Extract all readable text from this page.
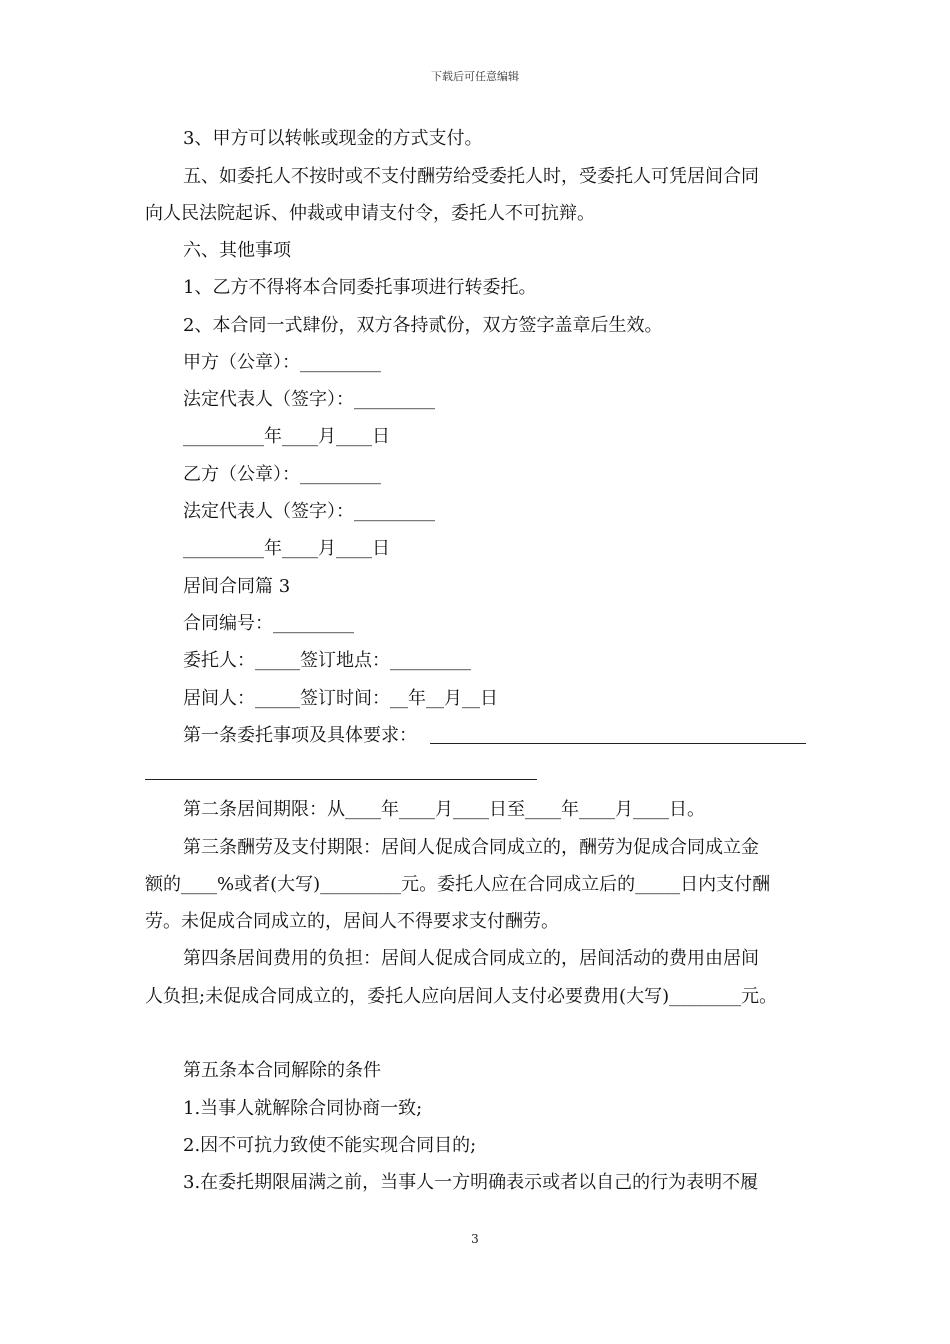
下载后可任意编辑
3、甲方可以转帐或现金的方式支付。
五、如委托人不按时或不支付酬劳给受委托人时，受委托人可凭居间合同
向人民法院起诉、仲裁或申请支付令，委托人不可抗辩。
六、其他事项
1、乙方不得将本合同委托事项进行转委托。
2、本合同一式肆份，双方各持贰份，双方签字盖章后生效。
甲方（公章）：_________
法定代表人（签字）：_________
_________年____月____日
乙方（公章）：_________
法定代表人（签字）：_________
_________年____月____日
居间合同篇 3
合同编号：_________
委托人：_____签订地点：_________
居间人：_____签订时间：__年__月__日
第一条委托事项及具体要求：
第二条居间期限：从____年____月____日至____年____月____日。
第三条酬劳及支付期限：居间人促成合同成立的，酬劳为促成合同成立金
额的____%或者(大写)_________元。委托人应在合同成立后的_____日内支付酬
劳。未促成合同成立的，居间人不得要求支付酬劳。
第四条居间费用的负担：居间人促成合同成立的，居间活动的费用由居间
人负担;未促成合同成立的，委托人应向居间人支付必要费用(大写)________元。
第五条本合同解除的条件
1.当事人就解除合同协商一致;
2.因不可抗力致使不能实现合同目的;
3.在委托期限届满之前，当事人一方明确表示或者以自己的行为表明不履
3
